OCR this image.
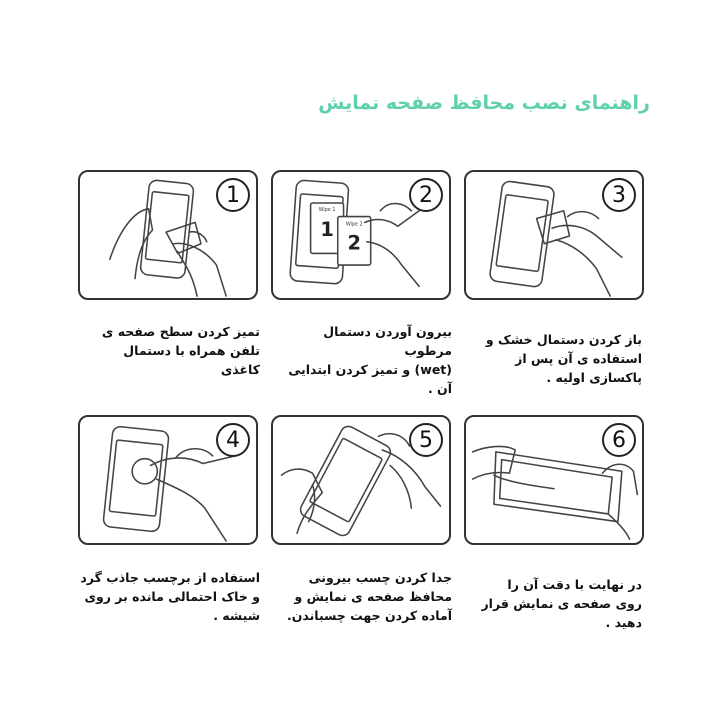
راهنمای نصب محافظ صفحه نمایش
1
Wipe 1
1 Wipe 2
2
2	3
4	5	6
تمیز کردن سطح صفحه ی
تلفن همراه با دستمال کاغذی
بیرون آوردن دستمال مرطوب
(wet) و تمیز کردن ابتدایی
آن .
باز کردن دستمال خشک و
استفاده ی آن پس از
پاکسازی اولیه .
استفاده از برچسب جاذب گرد
و خاک احتمالی مانده بر روی
شیشه .
جدا کردن چسب بیرونی
محافظ صفحه ی نمایش و
آماده کردن جهت چسباندن.
در نهایت با دقت آن را
روی صفحه ی نمایش قرار
دهید .
